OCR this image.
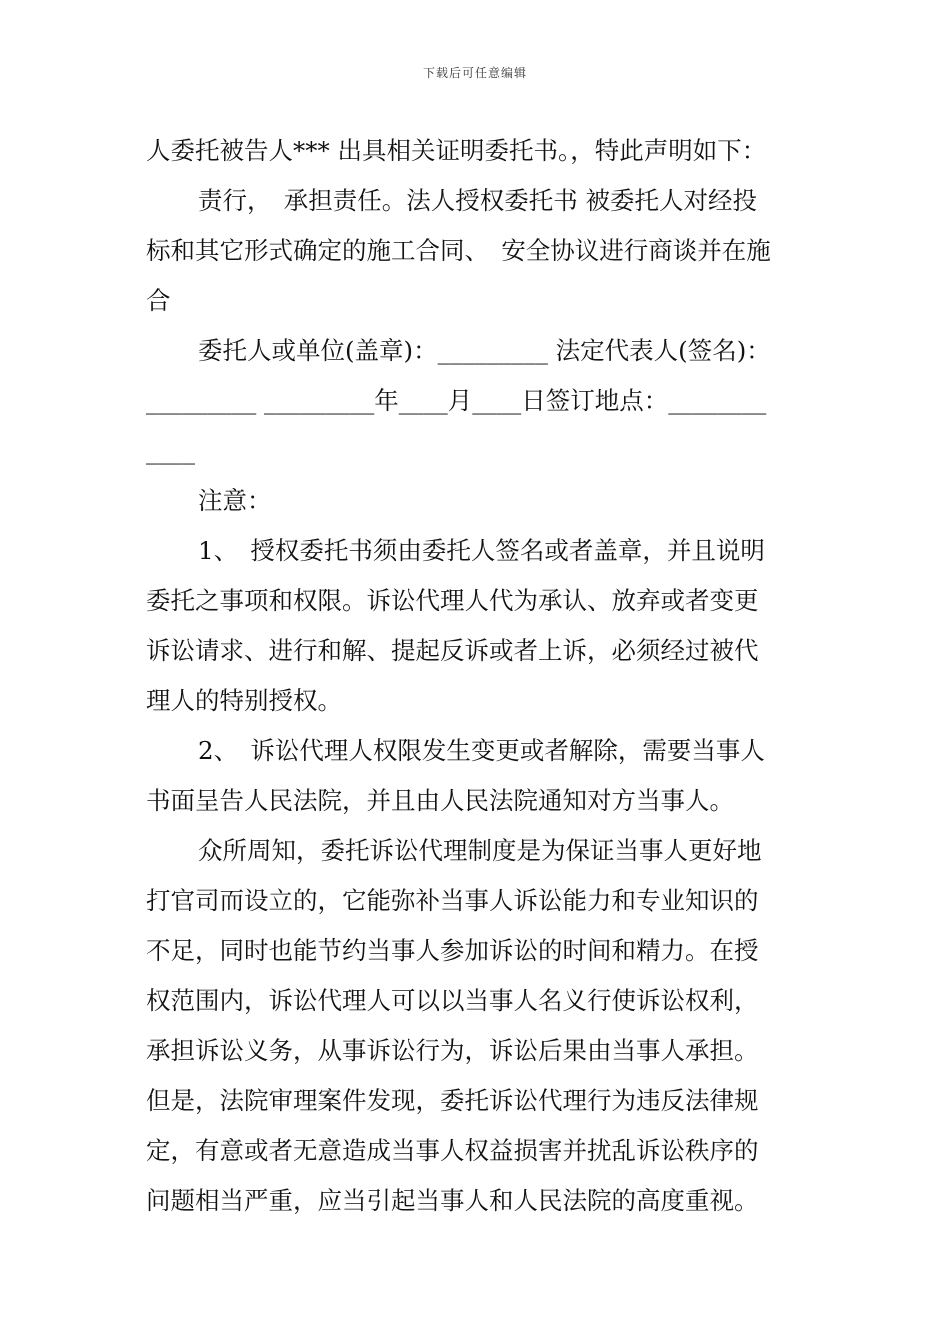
下载后可任意编辑
人委托被告人*** 出具相关证明委托书。，特此声明如下：
责行，　承担责任。法人授权委托书 被委托人对经投
标和其它形式确定的施工合同、　安全协议进行商谈并在施
合
委托人或单位(盖章)：_________ 法定代表人(签名)：
_________ _________年____月____日签订地点：________
____
注意：
1、　授权委托书须由委托人签名或者盖章，并且说明
委托之事项和权限。诉讼代理人代为承认、放弃或者变更
诉讼请求、进行和解、提起反诉或者上诉，必须经过被代
理人的特别授权。
2、　诉讼代理人权限发生变更或者解除，需要当事人
书面呈告人民法院，并且由人民法院通知对方当事人。
众所周知，委托诉讼代理制度是为保证当事人更好地
打官司而设立的，它能弥补当事人诉讼能力和专业知识的
不足，同时也能节约当事人参加诉讼的时间和精力。在授
权范围内，诉讼代理人可以以当事人名义行使诉讼权利，
承担诉讼义务，从事诉讼行为，诉讼后果由当事人承担。
但是，法院审理案件发现，委托诉讼代理行为违反法律规
定，有意或者无意造成当事人权益损害并扰乱诉讼秩序的
问题相当严重，应当引起当事人和人民法院的高度重视。
